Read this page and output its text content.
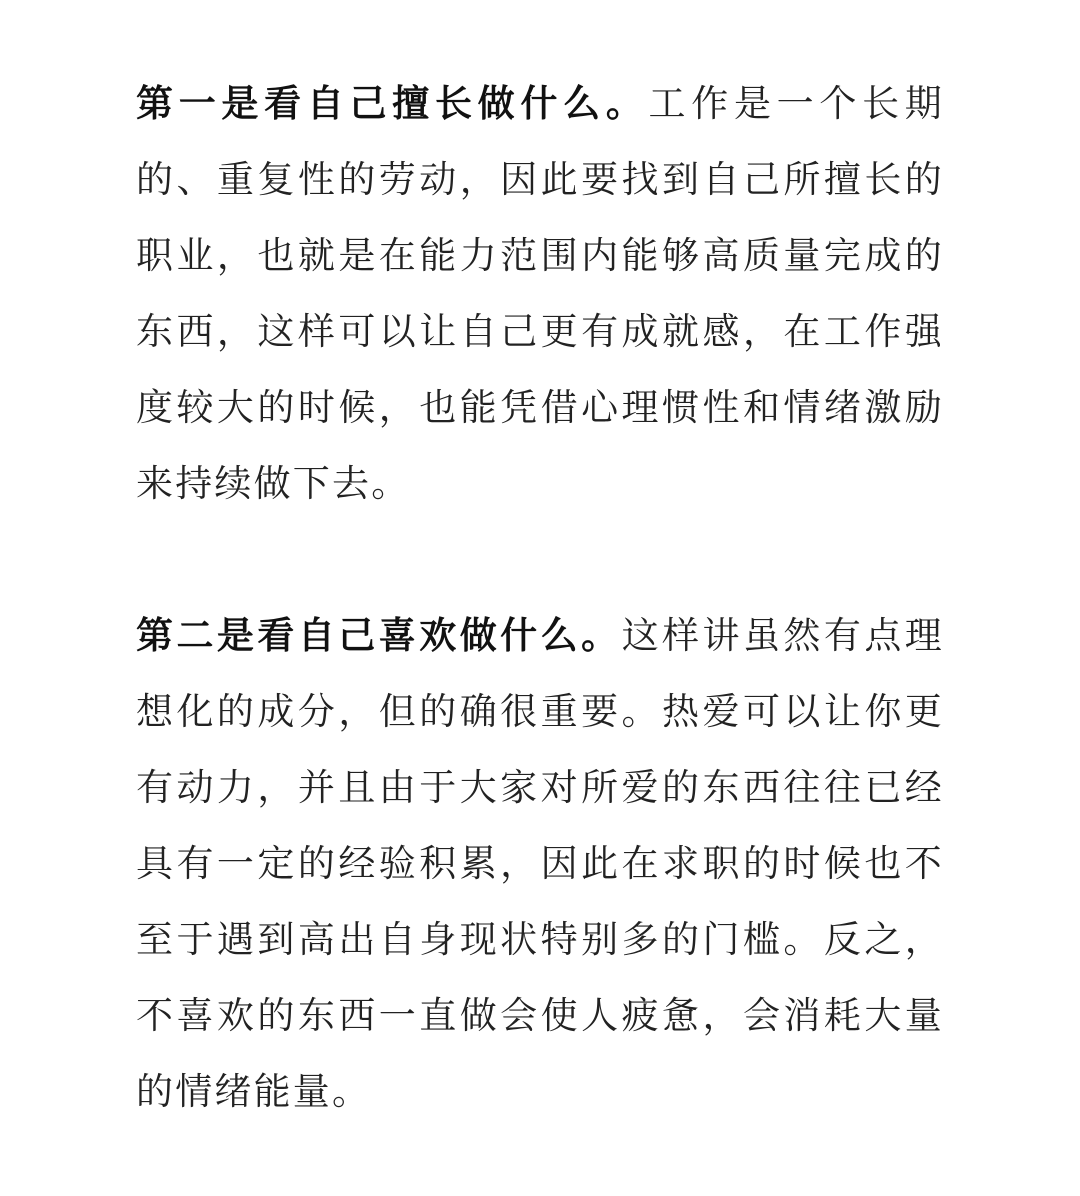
第一是看自己擅长做什么。工作是一个长期的、重复性的劳动，因此要找到自己所擅长的职业，也就是在能力范围内能够高质量完成的东西，这样可以让自己更有成就感，在工作强度较大的时候，也能凭借心理惯性和情绪激励来持续做下去。

第二是看自己喜欢做什么。这样讲虽然有点理想化的成分，但的确很重要。热爱可以让你更有动力，并且由于大家对所爱的东西往往已经具有一定的经验积累，因此在求职的时候也不至于遇到高出自身现状特别多的门槛。反之，不喜欢的东西一直做会使人疲惫，会消耗大量的情绪能量。
